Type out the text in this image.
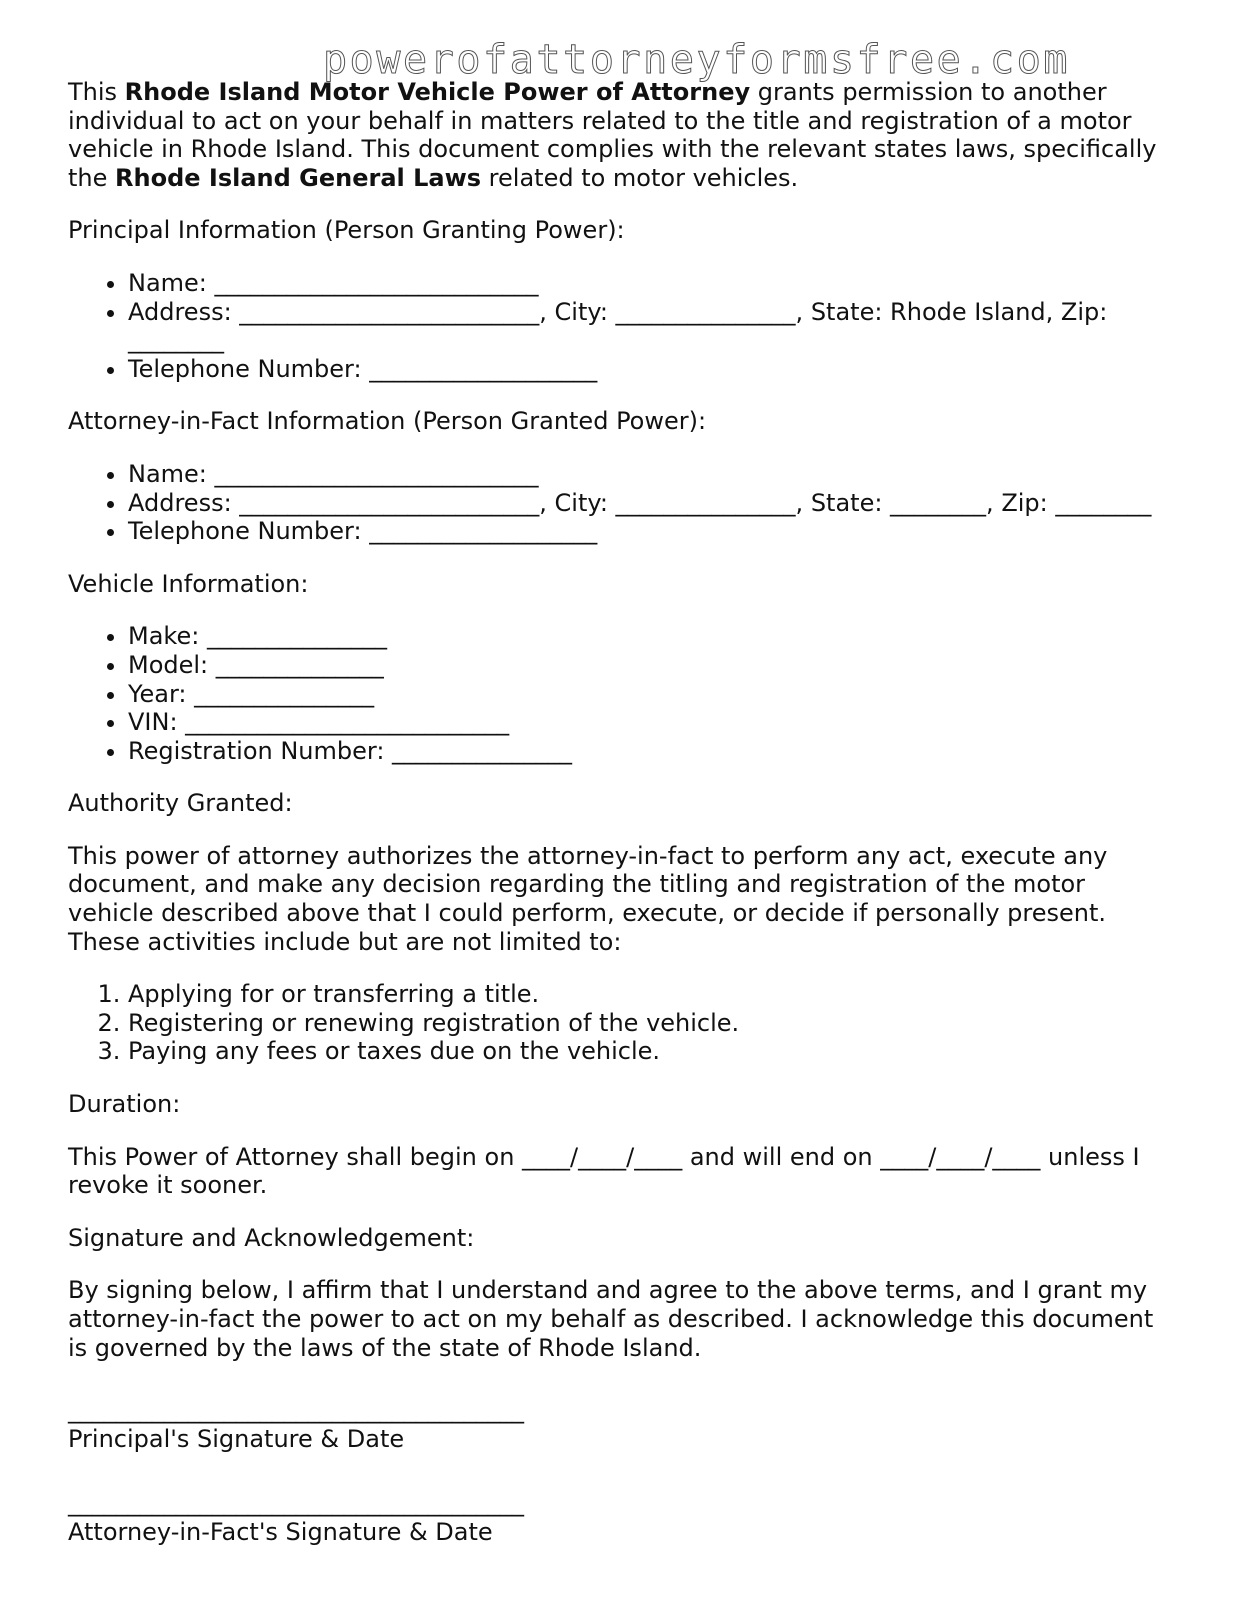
powerofattorneyformsfree.com

This Rhode Island Motor Vehicle Power of Attorney grants permission to another individual to act on your behalf in matters related to the title and registration of a motor vehicle in Rhode Island. This document complies with the relevant states laws, specifically the Rhode Island General Laws related to motor vehicles.

Principal Information (Person Granting Power):

• Name: ___________________________
• Address: _________________________, City: _______________, State: Rhode Island, Zip: ________
• Telephone Number: ___________________

Attorney-in-Fact Information (Person Granted Power):

• Name: ___________________________
• Address: _________________________, City: _______________, State: ________, Zip: ________
• Telephone Number: ___________________

Vehicle Information:

• Make: _______________
• Model: ______________
• Year: _______________
• VIN: ___________________________
• Registration Number: _______________

Authority Granted:

This power of attorney authorizes the attorney-in-fact to perform any act, execute any document, and make any decision regarding the titling and registration of the motor vehicle described above that I could perform, execute, or decide if personally present. These activities include but are not limited to:

1. Applying for or transferring a title.
2. Registering or renewing registration of the vehicle.
3. Paying any fees or taxes due on the vehicle.

Duration:

This Power of Attorney shall begin on ____/____/____ and will end on ____/____/____ unless I revoke it sooner.

Signature and Acknowledgement:

By signing below, I affirm that I understand and agree to the above terms, and I grant my attorney-in-fact the power to act on my behalf as described. I acknowledge this document is governed by the laws of the state of Rhode Island.

______________________________________
Principal's Signature & Date
______________________________________
Attorney-in-Fact's Signature & Date
